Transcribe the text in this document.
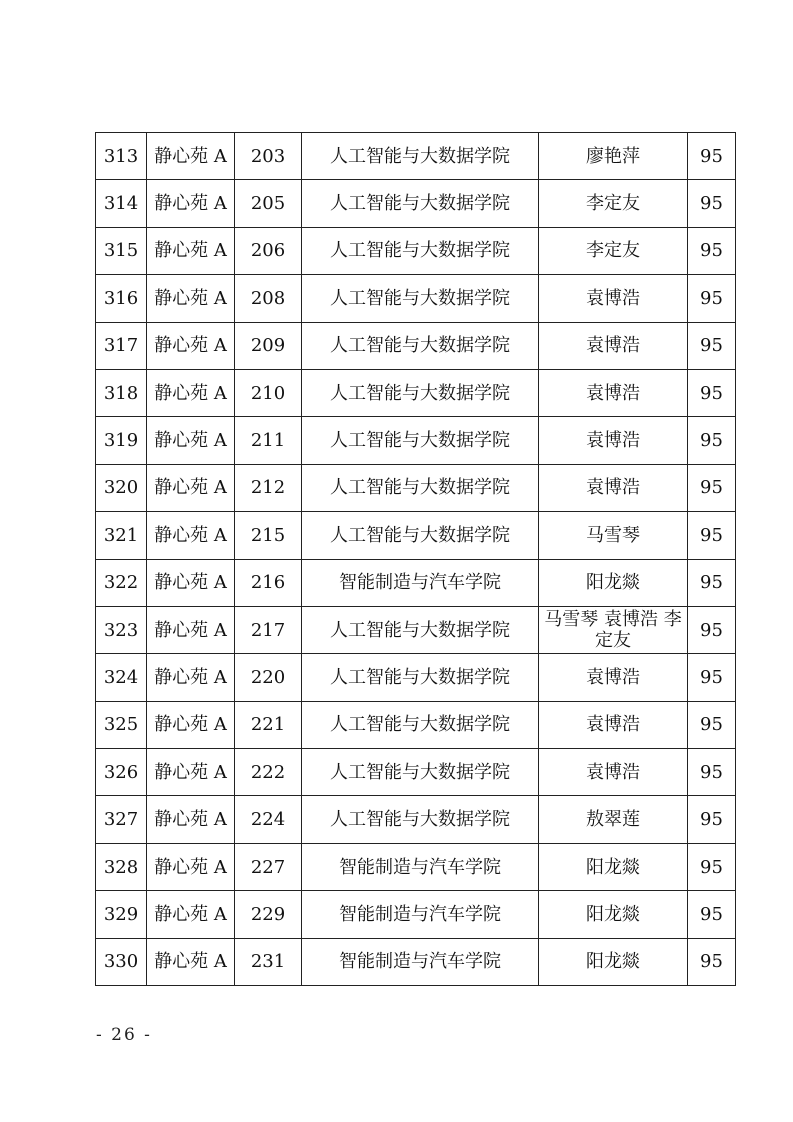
313	静心苑 A	203	人工智能与大数据学院	廖艳萍	95
314	静心苑 A	205	人工智能与大数据学院	李定友	95
315	静心苑 A	206	人工智能与大数据学院	李定友	95
316	静心苑 A	208	人工智能与大数据学院	袁博浩	95
317	静心苑 A	209	人工智能与大数据学院	袁博浩	95
318	静心苑 A	210	人工智能与大数据学院	袁博浩	95
319	静心苑 A	211	人工智能与大数据学院	袁博浩	95
320	静心苑 A	212	人工智能与大数据学院	袁博浩	95
321	静心苑 A	215	人工智能与大数据学院	马雪琴	95
322	静心苑 A	216	智能制造与汽车学院	阳龙燚	95
323	静心苑 A	217	人工智能与大数据学院	马雪琴 袁博浩 李定友	95
324	静心苑 A	220	人工智能与大数据学院	袁博浩	95
325	静心苑 A	221	人工智能与大数据学院	袁博浩	95
326	静心苑 A	222	人工智能与大数据学院	袁博浩	95
327	静心苑 A	224	人工智能与大数据学院	敖翠莲	95
328	静心苑 A	227	智能制造与汽车学院	阳龙燚	95
329	静心苑 A	229	智能制造与汽车学院	阳龙燚	95
330	静心苑 A	231	智能制造与汽车学院	阳龙燚	95
- 26 -
